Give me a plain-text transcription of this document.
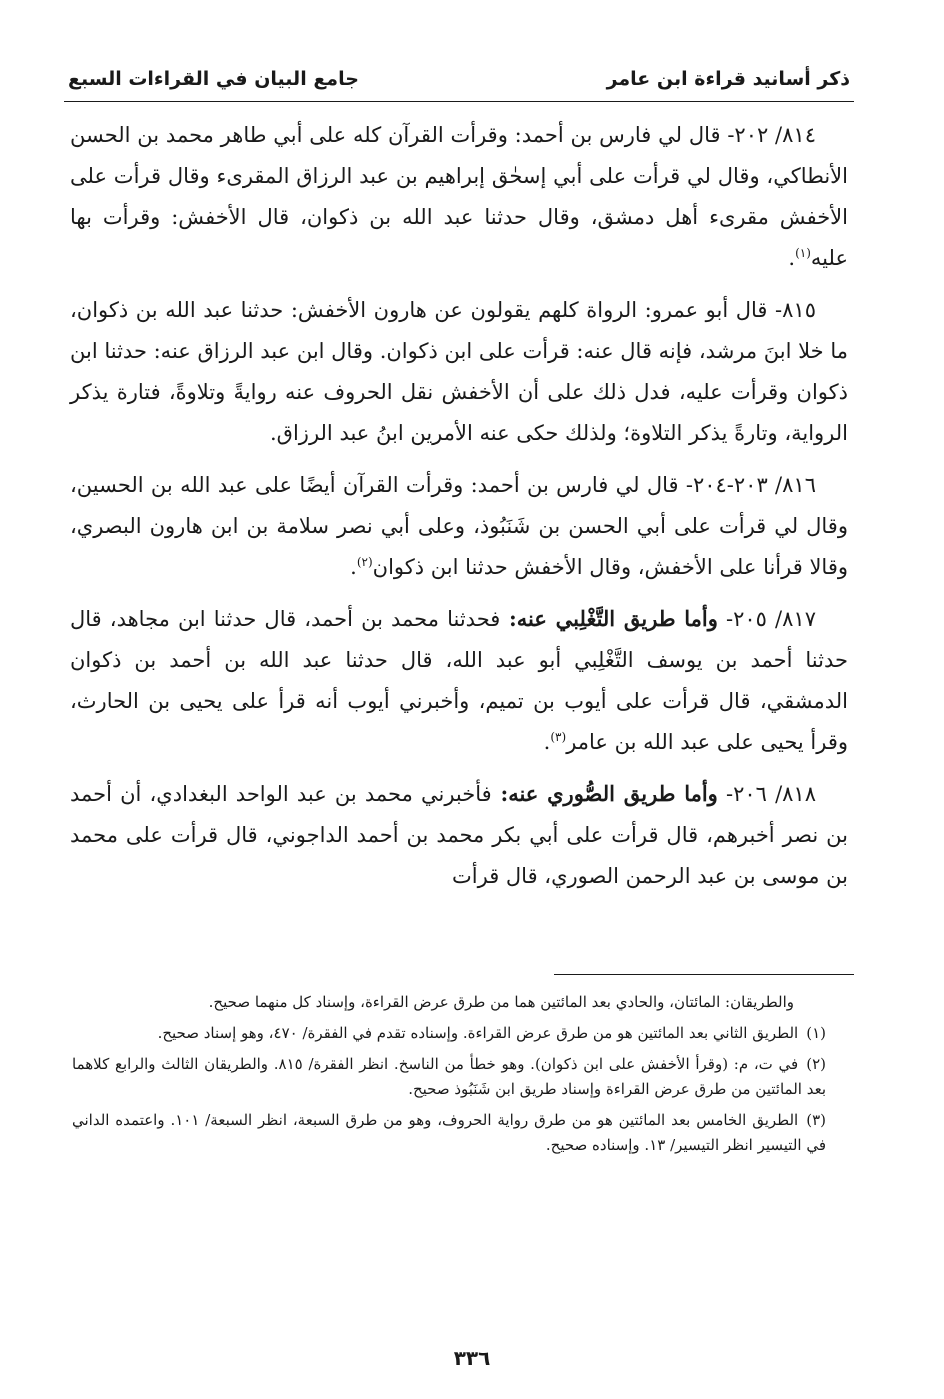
ذكر أسانيد قراءة ابن عامر
جامع البيان في القراءات السبع

٨١٤/ ٢٠٢- قال لي فارس بن أحمد: وقرأت القرآن كله على أبي طاهر محمد بن الحسن الأنطاكي، وقال لي قرأت على أبي إسحٰق إبراهيم بن عبد الرزاق المقرىء وقال قرأت على الأخفش مقرىء أهل دمشق، وقال حدثنا عبد الله بن ذكوان، قال الأخفش: وقرأت بها عليه$^{(١)}$.

٨١٥- قال أبو عمرو: الرواة كلهم يقولون عن هارون الأخفش: حدثنا عبد الله بن ذكوان، ما خلا ابنَ مرشد، فإنه قال عنه: قرأت على ابن ذكوان. وقال ابن عبد الرزاق عنه: حدثنا ابن ذكوان وقرأت عليه، فدل ذلك على أن الأخفش نقل الحروف عنه روايةً وتلاوةً، فتارة يذكر الرواية، وتارةً يذكر التلاوة؛ ولذلك حكى عنه الأمرين ابنُ عبد الرزاق.

٨١٦/ ٢٠٣-٢٠٤- قال لي فارس بن أحمد: وقرأت القرآن أيضًا على عبد الله بن الحسين، وقال لي قرأت على أبي الحسن بن شَنَبُوذ، وعلى أبي نصر سلامة بن ابن هارون البصري، وقالا قرأنا على الأخفش، وقال الأخفش حدثنا ابن ذكوان$^{(٢)}$.

٨١٧/ ٢٠٥- وأما طريق التَّغْلِبي عنه: فحدثنا محمد بن أحمد، قال حدثنا ابن مجاهد، قال حدثنا أحمد بن يوسف التَّغْلِبي أبو عبد الله، قال حدثنا عبد الله بن أحمد بن ذكوان الدمشقي، قال قرأت على أيوب بن تميم، وأخبرني أيوب أنه قرأ على يحيى بن الحارث، وقرأ يحيى على عبد الله بن عامر$^{(٣)}$.

٨١٨/ ٢٠٦- وأما طريق الصُّوري عنه: فأخبرني محمد بن عبد الواحد البغدادي، أن أحمد بن نصر أخبرهم، قال قرأت على أبي بكر محمد بن أحمد الداجوني، قال قرأت على محمد بن موسى بن عبد الرحمن الصوري، قال قرأت

والطريقان: المائتان، والحادي بعد المائتين هما من طرق عرض القراءة، وإسناد كل منهما صحيح.

(١)الطريق الثاني بعد المائتين هو من طرق عرض القراءة. وإسناده تقدم في الفقرة/ ٤٧٠، وهو إسناد صحيح.

(٢)في ت، م: (وقرأ الأخفش على ابن ذكوان). وهو خطأ من الناسخ. انظر الفقرة/ ٨١٥. والطريقان الثالث والرابع كلاهما بعد المائتين من طرق عرض القراءة وإسناد طريق ابن شَنَبُوذ صحيح.

(٣)الطريق الخامس بعد المائتين هو من طرق رواية الحروف، وهو من طرق السبعة، انظر السبعة/ ١٠١. واعتمده الداني في التيسير انظر التيسير/ ١٣. وإسناده صحيح.

٣٣٦
